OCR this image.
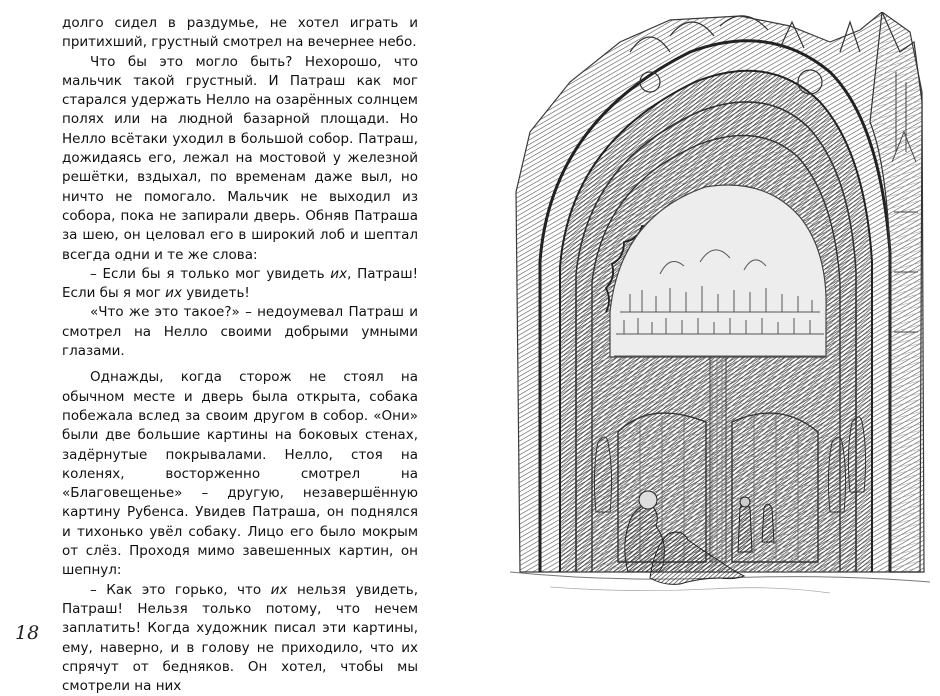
долго сидел в раздумье, не хотел играть и притихший, грустный смотрел на вечернее небо.

Что бы это могло быть? Нехорошо, что мальчик такой грустный. И Патраш как мог старался удержать Нелло на озарённых солнцем полях или на людной базарной площади. Но Нелло всётаки уходил в большой собор. Патраш, дожидаясь его, лежал на мостовой у железной решётки, вздыхал, по временам даже выл, но ничто не помогало. Мальчик не выходил из собора, пока не запирали дверь. Обняв Патраша за шею, он целовал его в широкий лоб и шептал всегда одни и те же слова:

– Если бы я только мог увидеть их, Патраш! Если бы я мог их увидеть!

«Что же это такое?» – недоумевал Патраш и смотрел на Нелло своими добрыми умными глазами.

Однажды, когда сторож не стоял на обычном месте и дверь была открыта, собака побежала вслед за своим другом в собор. «Они» были две большие картины на боковых стенах, задёрнутые покрывалами. Нелло, стоя на коленях, восторженно смотрел на «Благовещенье» – другую, незавершённую картину Рубенса. Увидев Патраша, он поднялся и тихонько увёл собаку. Лицо его было мокрым от слёз. Проходя мимо завешенных картин, он шепнул:

– Как это горько, что их нельзя увидеть, Патраш! Нельзя только потому, что нечем заплатить! Когда художник писал эти картины, ему, наверно, и в голову не приходило, что их спрячут от бедняков. Он хотел, чтобы мы смотрели на них

18
